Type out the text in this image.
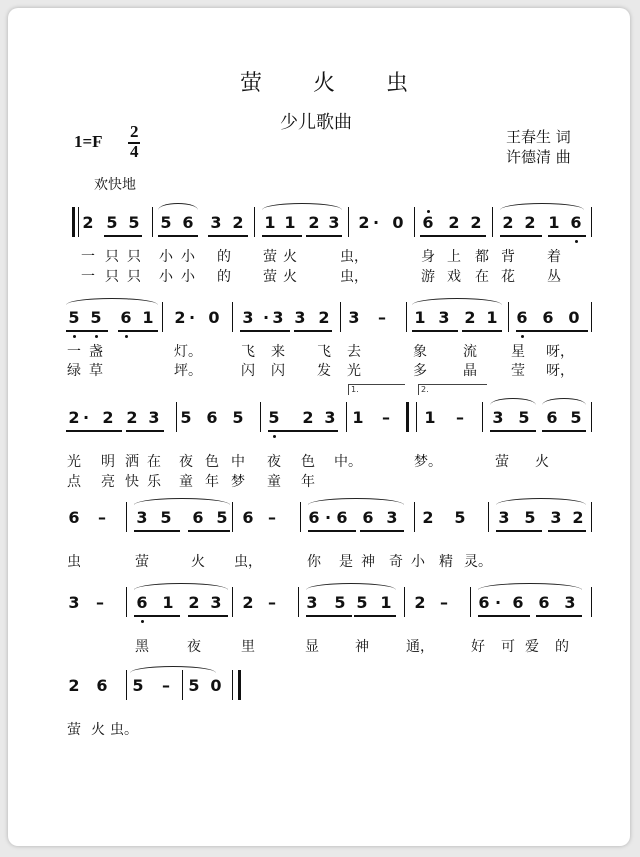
萤 火 虫
少儿歌曲
1=F
2
4
王春生 词
许德清 曲
欢快地
2 5 5 5 6 3 2 1 1 2 3 2 · 0 6 2 2 2 2 1 6
一 只 只 小 小 的 萤 火	虫，	身 上 都 背 着
一 只 只 小 小 的 萤 火	虫，	游 戏 在 花 丛
5 5 6 1 2 · 0 3 · 3 3 2 3 – 1 3 2 1 6 6 0
一 盏	灯。	飞 来 飞 去	象	流 星 呀，
绿 草	坪。	闪 闪 发 光	多	晶 莹 呀，
2 · 2 2 3 5 6 5 5 2 3 1 – 1 – 3 5 6 5
1.	2.
光 明 洒 在 夜 色 中 夜 色 中。	梦。	萤 火
点 亮 快 乐 童 年 梦 童 年
6 – 3 5 6 5 6 – 6 · 6 6 3 2 5 3 5 3 2
虫	萤	火 虫，	你 是 神 奇 小 精 灵。
3 – 6 1 2 3 2 – 3 5 5 1 2 – 6 · 6 6 3
黑	夜	里	显	神	通，	好 可 爱 的
2 6 5 – 5 0
萤 火 虫。
